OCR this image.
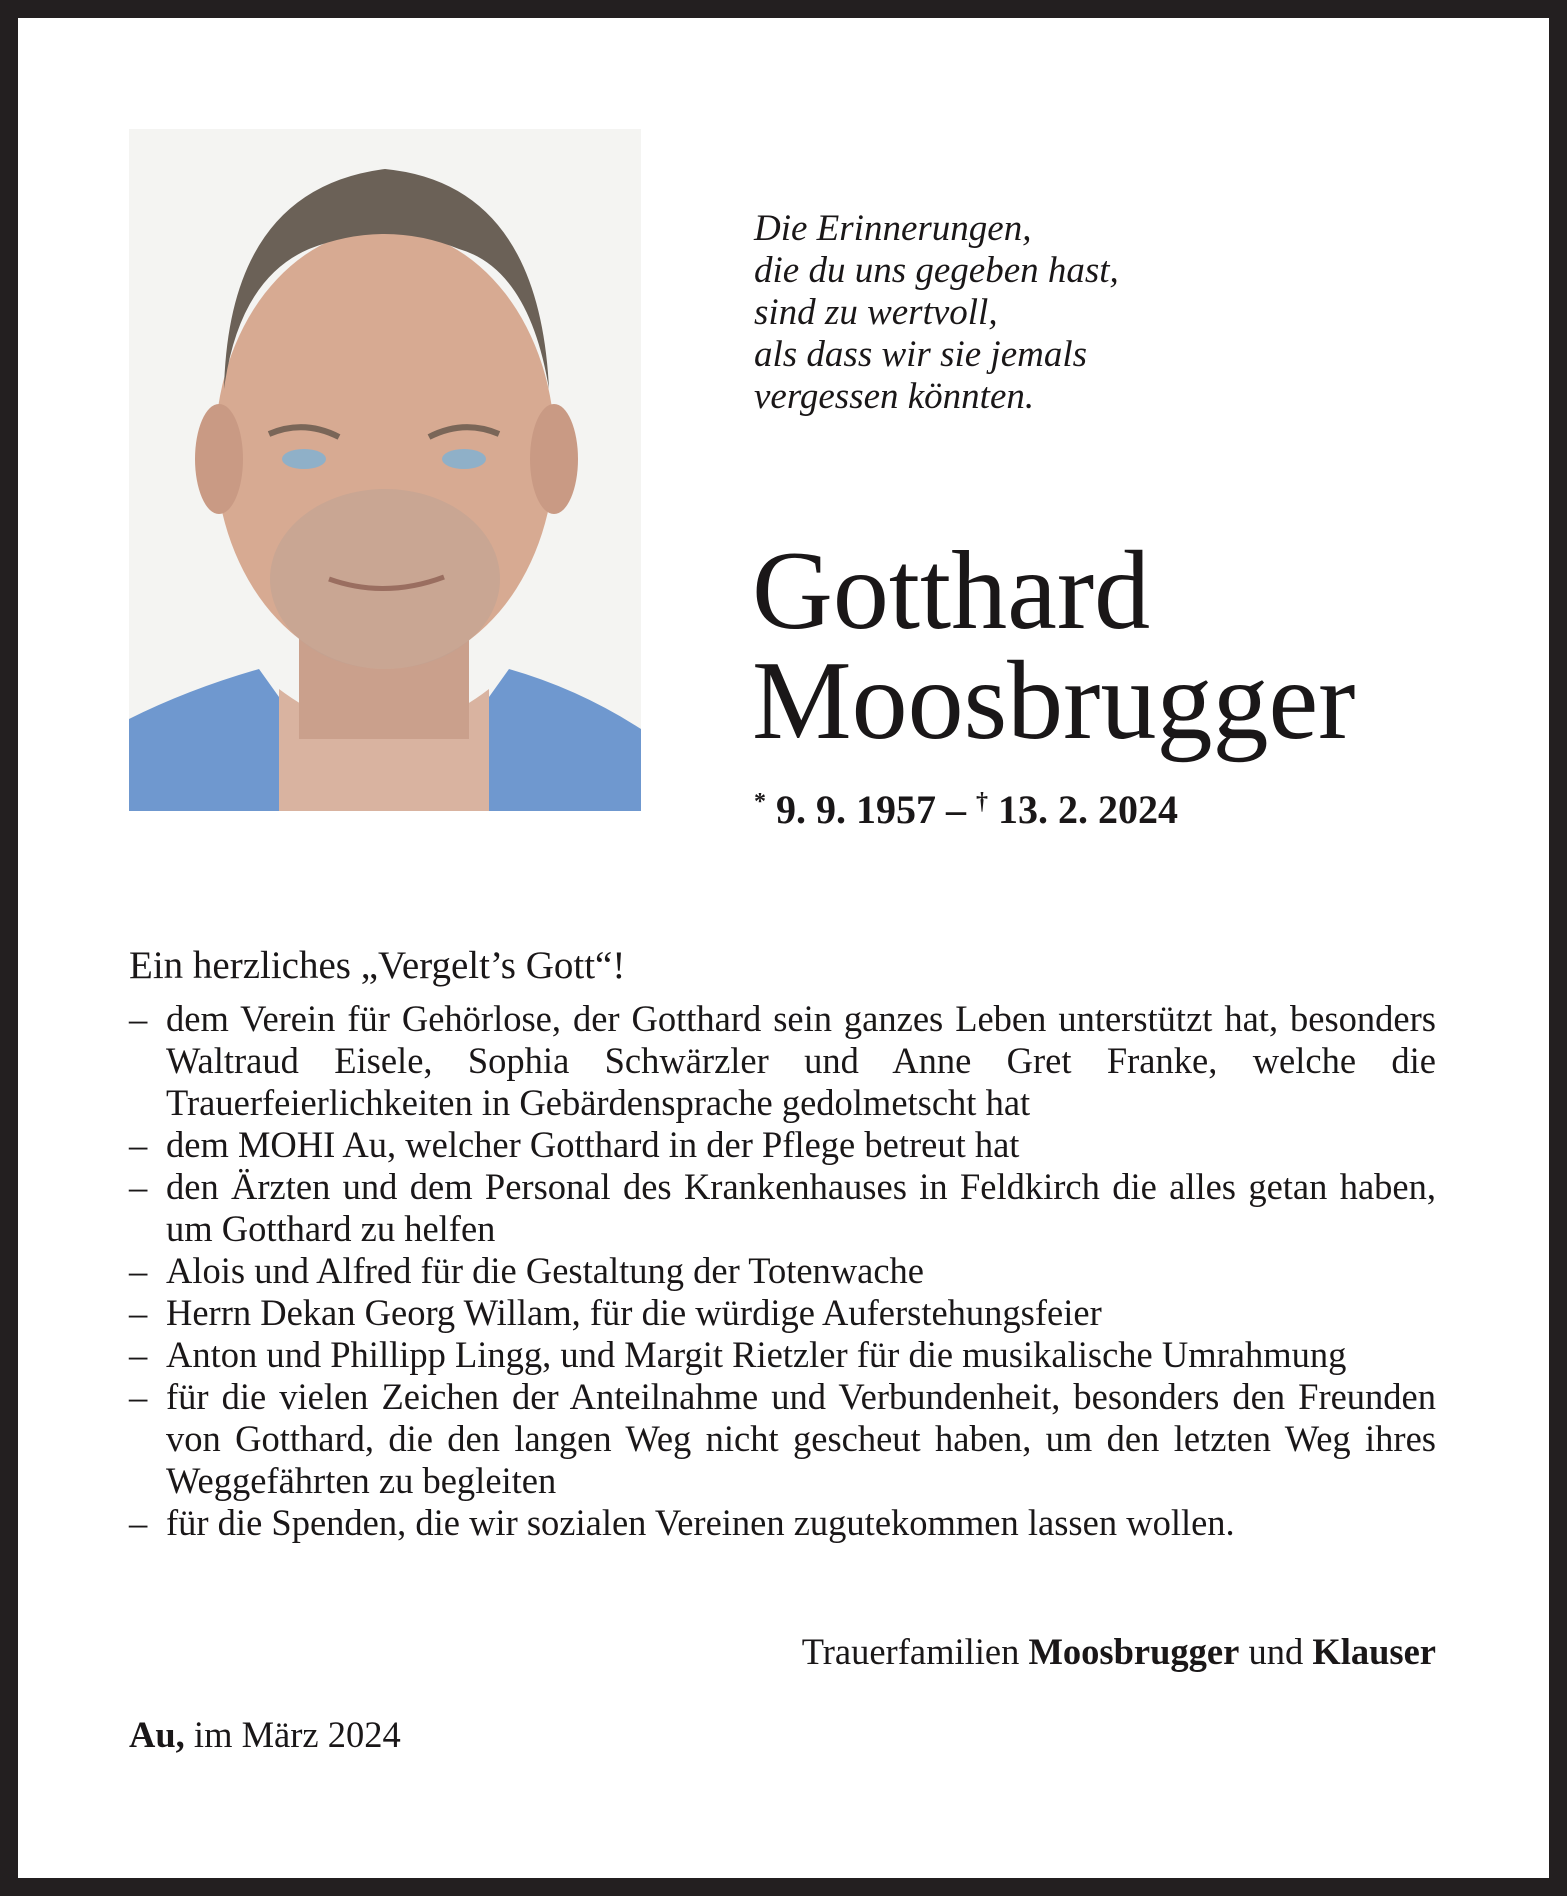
Die Erinnerungen,
die du uns gegeben hast,
sind zu wertvoll,
als dass wir sie jemals
vergessen könnten.
Gotthard
Moosbrugger
* 9. 9. 1957 – † 13. 2. 2024
Ein herzliches „Vergelt’s Gott“!
– dem Verein für Gehörlose, der Gotthard sein ganzes Leben unterstützt hat, besonders Waltraud Eisele, Sophia Schwärzler und Anne Gret Franke, welche die Trauerfeierlichkeiten in Gebärdensprache gedolmetscht hat
– dem MOHI Au, welcher Gotthard in der Pflege betreut hat
– den Ärzten und dem Personal des Krankenhauses in Feldkirch die alles getan haben, um Gotthard zu helfen
– Alois und Alfred für die Gestaltung der Totenwache
– Herrn Dekan Georg Willam, für die würdige Auferstehungsfeier
– Anton und Phillipp Lingg, und Margit Rietzler für die musikalische Umrahmung
– für die vielen Zeichen der Anteilnahme und Verbundenheit, besonders den Freunden von Gotthard, die den langen Weg nicht gescheut haben, um den letzten Weg ihres Weggefährten zu begleiten
– für die Spenden, die wir sozialen Vereinen zugutekommen lassen wollen.
Trauerfamilien Moosbrugger und Klauser
Au, im März 2024
